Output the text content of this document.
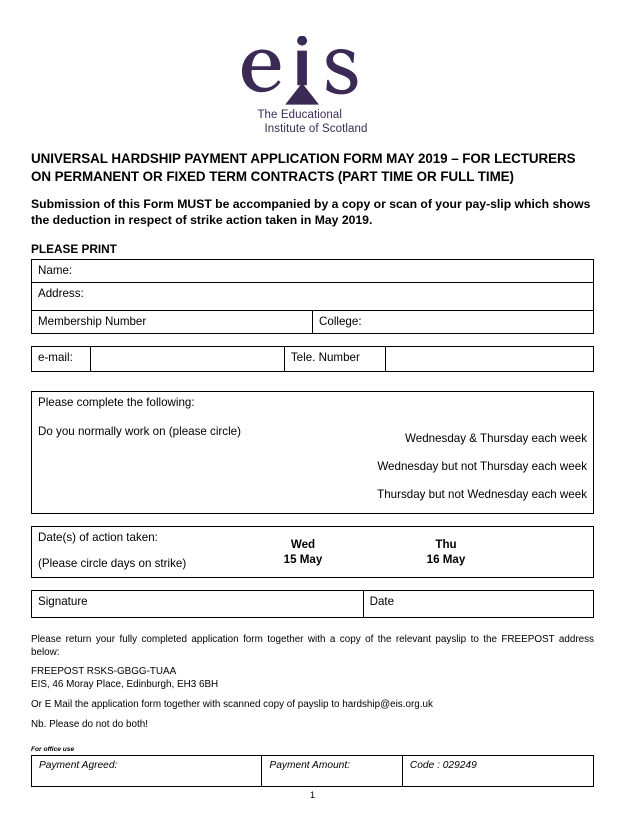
The Educational
Institute of Scotland
UNIVERSAL HARDSHIP PAYMENT APPLICATION FORM MAY 2019 – FOR LECTURERS ON PERMANENT OR FIXED TERM CONTRACTS (PART TIME OR FULL TIME)

Submission of this Form MUST be accompanied by a copy or scan of your pay-slip which shows the deduction in respect of strike action taken in May 2019.

PLEASE PRINT

Name:
Address:
Membership Number	College:
e-mail:		Tele. Number	
Please complete the following:
Do you normally work on (please circle)
Wednesday & Thursday each week
Wednesday but not Thursday each week
Thursday but not Wednesday each week
Date(s) of action taken:
(Please circle days on strike)
Wed
15 May
Thu
16 May
Signature	Date

Please return your fully completed application form together with a copy of the relevant payslip to the FREEPOST address below:

FREEPOST RSKS-GBGG-TUAA
EIS, 46 Moray Place, Edinburgh, EH3 6BH

Or E Mail the application form together with scanned copy of payslip to hardship@eis.org.uk

Nb. Please do not do both!

For office use
Payment Agreed:	Payment Amount:	Code : 029249
1
